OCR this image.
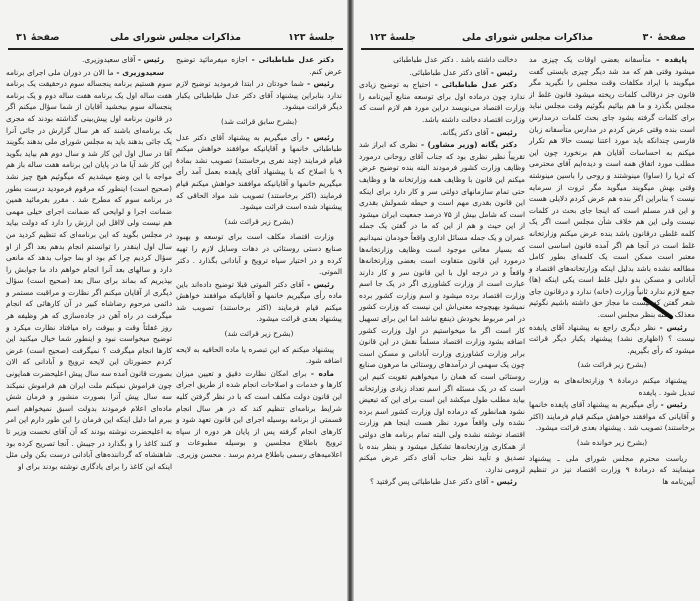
صفحهٔ ۳۱	مذاکرات مجلس شورای ملی	جلسهٔ ۱۲۳

دکتر عدل طباطبائی - اجازه میفرمائید توضیح عرض کنم.

رئیس - شما خودتان در ابتدا فرمودید توضیح لازم ندارد بنابراین پیشنهاد آقای دکتر عدل طباطبائی یکبار دیگر قرائت میشود.

(بشرح سابق قرائت شد)

رئیس - رأی میگیریم به پیشنهاد آقای دکتر عدل طباطبائی خانمها و آقایانیکه موافقند خواهش میکنم قیام فرمایند (چند نفری برخاستند) تصویب نشد بمادهٔ ۹ با اصلاح که با پیشنهاد آقای پایفده بعمل آمد رأی میگیریم خانمها و آقایانیکه موافقند خواهش میکنم قیام فرمایند (اکثر برخاستند) تصویب شد مواد الحاقی که پیشنهاد شده است قرائت میشود.

(بشرح زیر قرائت شد)

وزارت اقتصاد مکلف است برای توسعه و بهبود صنایع دستی روستائی در دهات وسایل لازم را تهیه کرده و در اختیار سپاه ترویج و آبادانی بگذارد . دکتر الموتی.

رئیس - آقای دکتر الموتی قبلا توضیح داده‌اند باین ماده رأی میگیریم خانمها و آقایانیکه موافقند خواهش میکنم قیام فرمایند (اکثر برخاستند) تصویب شد پیشنهاد بعدی قرائت میشود.

(بشرح زیر قرائت شد)

پیشنهاد میکنم که این تبصره یا ماده الحاقیه به لایحه اضافه شود.

ماده - برای امکان نظارت دقیق و تعیین میزان کارها و خدمات و اصلاحات انجام شده از طریق اجرای این قانون دولت مکلف است که با در نظر گرفتن کلیه شرایط برنامه‌ای تنظیم کند که در هر سال انجام قسمتی از برنامه بوسیله اجرای این قانون تعهد شود و کارهای انجام گرفته پس از پایان هر دوره از سپاه ترویج باطلاع مجلسین و بوسیله مطبوعات و اعلامیه‌های رسمی باطلاع مردم برسد . محسن وزیری.

رئیس - آقای سعیدوزیری.

سعیدوزیری - ما الان در دوران ملی اجرای برنامه سوم هستیم برنامه پنجساله سوم درحقیقت یک برنامه هفت ساله اول یک برنامه هفت ساله دوم و یک برنامه پنجساله سوم ببخشید آقایان از شما سؤال میکنم اگر در قانون برنامه اول پیش‌بینی گذاشته بودند که مجری یک برنامه‌ای باشند که هر سال گزارش در جائی آنرا یک جائی بدهند باید به مجلس شورای ملی بدهند بگویند آقا در سال اول این کار شد و سال دوم هم بیاید بگوید این کار شد آیا ما در پایان این برنامه هفت ساله باز هم مواجه با این وضع میشدیم که میگوئیم هیچ چیز نشد (صحیح است) اینطور که مرقوم فرمودید درست بطور در برنامه سوم که مطرح شد . مقرر بفرمائید همین ضمانت اجرا و لوایحی که ضمانت اجرای خیلی مهمی هم نیست ولی لااقل این ارزش را دارد که دولت بیاید در مجلس بگوید که این برنامه‌ای که تنظیم کردید من سال اول اینقدر را توانستم انجام بدهم بعد اگر از او سؤال کردیم چرا کم بود او بما جواب بدهد که مانعی دارد و سالهای بعد آنرا انجام خواهم داد ما جوابش را بپذیریم که بماند برای سال بعد (صحیح است) سؤال دیگری از آقایان میکنم اگر نظارت و مراقبت مستمر و دائمی مرحوم رضاشاه کبیر در آن کارهائی که انجام میگرفت در راه آهن در جاده‌سازی که هر وظیفه هر روز غفلتاً وقت و بیوقت راه میافتاد نظارت میکرد و توضیح میخواست نبود و اینطور شما خیال میکنید این کارها انجام میگرفت ؟ نمیگرفت (صحیح است) عرض کردم حضورتان این لایحه ترویج و آبادانی که الان بصورت قانون آمده سه سال پیش اعلیحضرت همایونی چون فراموش نمیکنم ملت ایران هم فراموش نمیکند سه سال پیش آنرا بصورت منشور و فرمان شش ماده‌ای اعلام فرمودند بدولت اسبق نمیخواهم اسم ببرم اما دلیل اینکه این فرمان را این طور دارم این امر به اعلیحضرت نوشته بودند که آن آقای نخست وزیر تا کنند کاغذ را و بگذارد در جیبش . آنجا تصریح کرده بود شاهنشاه که گرداننده‌های آبادانی درست بکن ولی مثل اینکه این کاغذ را برای یادگاری نوشته بودند برای او

جلسهٔ ۱۲۳	مذاکرات مجلس شورای ملی	صفحهٔ ۳۰

پایفده - متأسفانه بعضی اوقات یک چیزی مد میشود وقتی هم که مد شد دیگر چیزی بایستی گفت میگویند با ایراد مکلفات وقت مجلس را نگیرید مگر قانون جز درقالب کلمات ریخته میشود قانون غلط از مجلس بگذرد و ما هم بیائیم بگوئیم وقت مجلس نباید برای کلمات گرفته بشود جای بحث کلمات درمدارس است بنده وقتی عرض کردم در مدارس متأسفانه زبان فارسی چندانکه باید مورد اعتنا نیست حالا هم تکرار میکنم به احساسات آقایان هم برنخورد چون این مطلب مورد اتفاق همه است و دیده‌ایم آقای محترمی که ثریا را (ساوا) مینوشتند و روحی را باسین مینوشته وقتی بهش میگویند میگوید مگر ثروت از سرمایه نیست ؟ بنابراین اگر بنده هم عرض کردم دلایلی هست و این قدر مسلم است که اینجا جای بحث در کلمات نیست ولی این هم خلاف شأن مجلس است اگر یک کلمه غلطی درقانون باشد بنده عرض میکنم وزارتخانه غلط است در آنجا هم اگر آمده قانون اساسی است معتبر است ممکن است یک کلمه‌ای بطور کامل مطالعه نشده باشد بدلیل اینکه وزارتخانه‌های اقتصاد و آبادانی و مسکن بدو دلیل غلط است یکی اینکه (ها) جمع لازم ندارد ثانیاً وزارت (خانه) ندارد و درقانون جای شعر گفتن که نیست ما مجاز حق داشته باشیم نگوئیم معذلک بسته بنظر مجلس است.

رئیس - نظر دیگری راجع به پیشنهاد آقای پایفده نیست ؟ (اظهاری نشد) پیشنهاد یکبار دیگر قرائت میشود که رأی بگیریم.

(بشرح زیر قرائت شد)

پیشنهاد میکنم درمادهٔ ۹ وزارتخانه‌های به وزارت تبدیل شود . پایفده

رئیس - رأی میگیریم به پیشنهاد آقای پایفده خانمها و آقایانی که موافقند خواهش میکنم قیام فرمایند (اکثر برخاستند) تصویب شد . پیشنهاد بعدی قرائت میشود.

(بشرح زیر خوانده شد)

ریاست محترم مجلس شورای ملی ـ پیشنهاد مینمایند که درمادهٔ ۹ وزارت اقتصاد نیز در تنظیم آیین‌نامه ها

دخالت داشته باشد . دکتر عدل طباطبائی

رئیس - آقای دکتر عدل طباطبائی.

دکتر عدل طباطبائی - احتیاج به توضیح زیادی ندارد چون درماده اول برای توسعه منابع آیین‌نامه را وزارت اقتصاد می‌نویسد دراین مورد هم لازم است که وزارت اقتصاد دخالت داشته باشد.

رئیس - آقای دکتر یگانه.

دکتر یگانه (وزیر مشاور) - نظری که ابراز شد تقریباً نظیر نظری بود که جناب آقای روحانی درمورد وظایف وزارت کشور فرمودند البته بنده توضیح عرض میکنم این قانون با وظایف همه وزارتخانه ها و وظایف حتی تمام سازمانهای دولتی سر و کار دارد برای اینکه این قانون بقدری مهم است و حیطه شمولش بقدری است که شامل بیش از ۷۵ درصد جمعیت ایران میشود از این حیث و هم از این که ما در گفتن یک جمله عمران و یک جمله مسائل اداری واقعاً خودمان نمیدانیم که بسیار معانی موجود است وظایف وزارتخانه‌ها درمورد این قانون متفاوت است بعضی وزارتخانه‌ها واقعاً و در درجه اول با این قانون سر و کار دارند عبارت است از وزارت کشاورزی اگر در یک جا اسم وزارت اقتصاد برده میشود و اسم وزارت کشور برده نمیشود بهیچوجه معنی‌اش این نیست که وزارت کشور در امر مربوط بخودش ذینفع نباشد اما این برای تسهیل کار است اگر ما میخواستیم در اول وزارت کشور اضافه بشود وزارت اقتصاد مسلماً نقش در این قانون برابر وزارت کشاورزی وزارت آبادانی و مسکن است چون یک سهمی از درآمدهای روستائی ما مرهون صنایع روستائی است که همان را میخواهیم تقویت کنیم این است که در یک مسئله اگر اسم تعداد زیادی وزارتخانه بیاید مطلب طول میکشد این است برای این که تبعیض نشود همانطور که درماده اول وزارت کشور اسم برده نشده ولی واقعاً مورد نظر هست اینجا هم وزارت اقتصاد نوشته نشده ولی البته تمام برنامه های دولتی از همکاری وزارتخانه‌ها تشکیل میشود و بنظر بنده با تصدیق و تأیید نظر جناب آقای دکتر عرض میکنم لزومی ندارد.

رئیس - آقای دکتر عدل طباطبائی پس گرفتید ؟
